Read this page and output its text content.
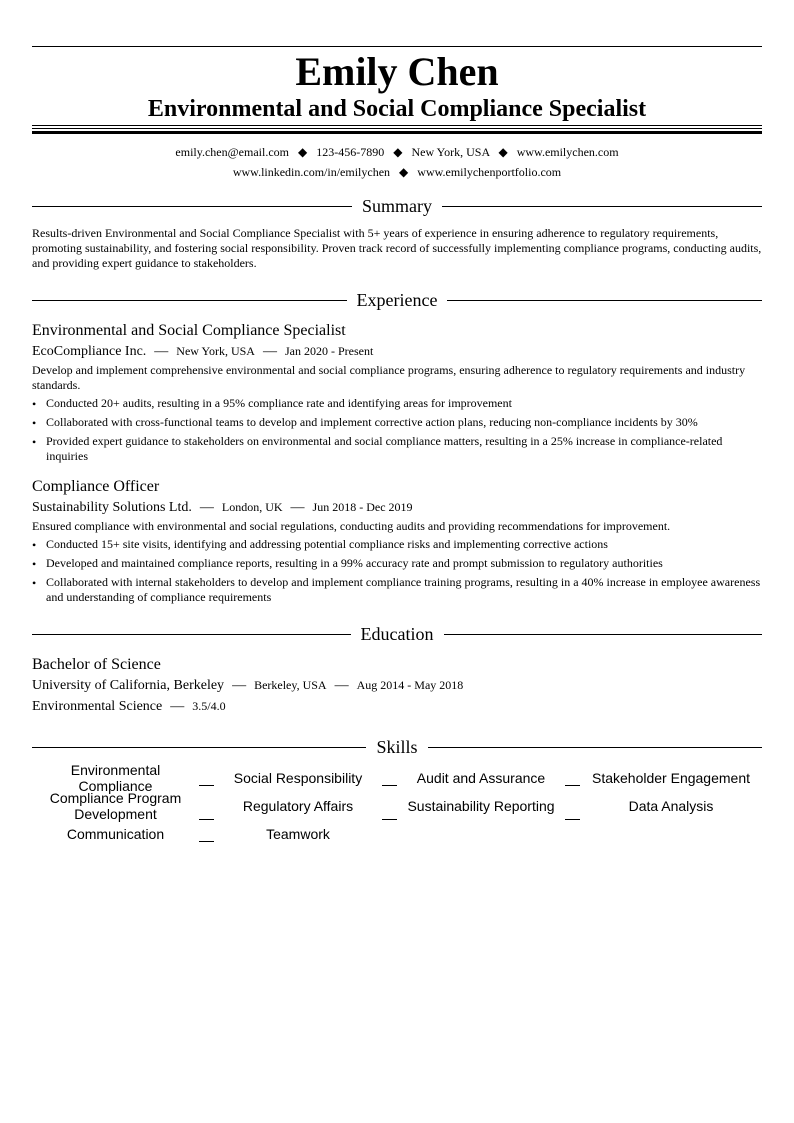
Emily Chen
Environmental and Social Compliance Specialist
emily.chen@email.com ◆ 123-456-7890 ◆ New York, USA ◆ www.emilychen.com
www.linkedin.com/in/emilychen ◆ www.emilychenportfolio.com
Summary
Results-driven Environmental and Social Compliance Specialist with 5+ years of experience in ensuring adherence to regulatory requirements, promoting sustainability, and fostering social responsibility. Proven track record of successfully implementing compliance programs, conducting audits, and providing expert guidance to stakeholders.
Experience
Environmental and Social Compliance Specialist
EcoCompliance Inc. — New York, USA — Jan 2020 - Present
Develop and implement comprehensive environmental and social compliance programs, ensuring adherence to regulatory requirements and industry standards.
• Conducted 20+ audits, resulting in a 95% compliance rate and identifying areas for improvement
• Collaborated with cross-functional teams to develop and implement corrective action plans, reducing non-compliance incidents by 30%
• Provided expert guidance to stakeholders on environmental and social compliance matters, resulting in a 25% increase in compliance-related inquiries
Compliance Officer
Sustainability Solutions Ltd. — London, UK — Jun 2018 - Dec 2019
Ensured compliance with environmental and social regulations, conducting audits and providing recommendations for improvement.
• Conducted 15+ site visits, identifying and addressing potential compliance risks and implementing corrective actions
• Developed and maintained compliance reports, resulting in a 99% accuracy rate and prompt submission to regulatory authorities
• Collaborated with internal stakeholders to develop and implement compliance training programs, resulting in a 40% increase in employee awareness and understanding of compliance requirements
Education
Bachelor of Science
University of California, Berkeley — Berkeley, USA — Aug 2014 - May 2018
Environmental Science — 3.5/4.0
Skills
Environmental Compliance	Social Responsibility	Audit and Assurance	Stakeholder Engagement
Compliance Program Development	Regulatory Affairs	Sustainability Reporting	Data Analysis
Communication	Teamwork
